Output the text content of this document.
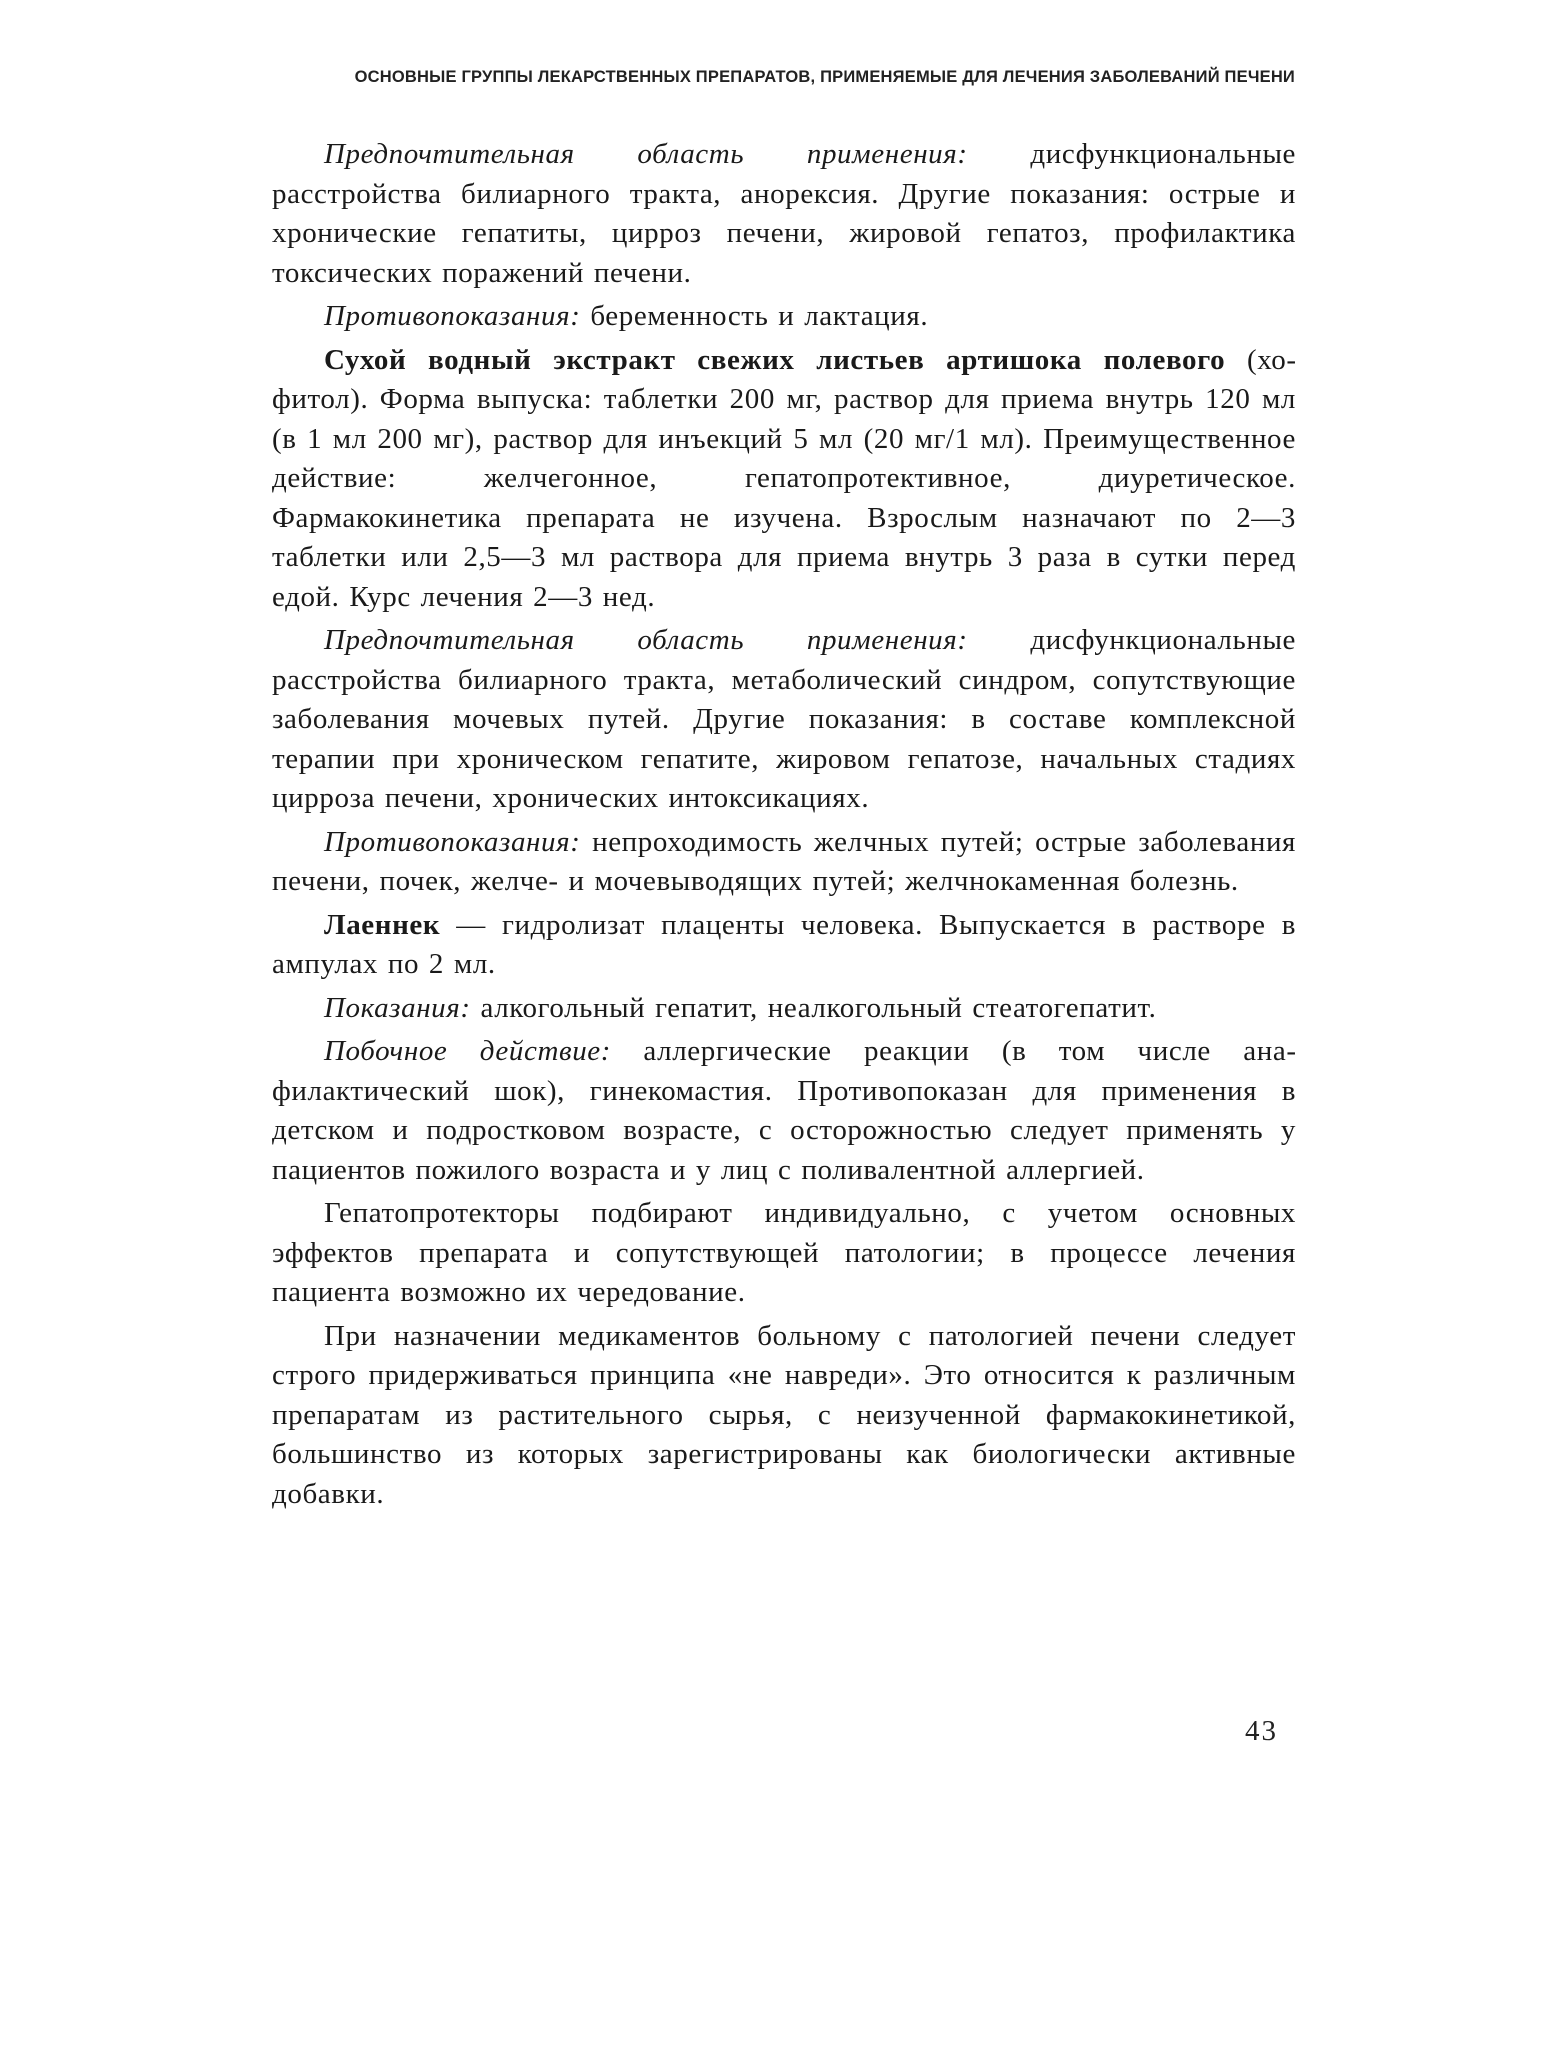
ОСНОВНЫЕ ГРУППЫ ЛЕКАРСТВЕННЫХ ПРЕПАРАТОВ, ПРИМЕНЯЕМЫЕ ДЛЯ ЛЕЧЕНИЯ ЗАБОЛЕВАНИЙ ПЕЧЕНИ

Предпочтительная область применения: дисфункциональные расстройства билиарного тракта, анорексия. Другие показания: острые и хронические гепатиты, цирроз печени, жировой гепатоз, профилактика токсических поражений печени.

Противопоказания: беременность и лактация.

Сухой водный экстракт свежих листьев артишока полевого (хофитол). Форма выпуска: таблетки 200 мг, раствор для приема внутрь 120 мл (в 1 мл 200 мг), раствор для инъекций 5 мл (20 мг/1 мл). Преимущественное действие: желчегонное, гепатопротективное, диуретическое. Фармакокинетика препарата не изучена. Взрослым назначают по 2—3 таблетки или 2,5—3 мл раствора для приема внутрь 3 раза в сутки перед едой. Курс лечения 2—3 нед.

Предпочтительная область применения: дисфункциональные расстройства билиарного тракта, метаболический синдром, сопутствующие заболевания мочевых путей. Другие показания: в составе комплексной терапии при хроническом гепатите, жировом гепатозе, начальных стадиях цирроза печени, хронических интоксикациях.

Противопоказания: непроходимость желчных путей; острые заболевания печени, почек, желче- и мочевыводящих путей; желчнокаменная болезнь.

Лаеннек — гидролизат плаценты человека. Выпускается в растворе в ампулах по 2 мл.

Показания: алкогольный гепатит, неалкогольный стеатогепатит.

Побочное действие: аллергические реакции (в том числе анафилактический шок), гинекомастия. Противопоказан для применения в детском и подростковом возрасте, с осторожностью следует применять у пациентов пожилого возраста и у лиц с поливалентной аллергией.

Гепатопротекторы подбирают индивидуально, с учетом основных эффектов препарата и сопутствующей патологии; в процессе лечения пациента возможно их чередование.

При назначении медикаментов больному с патологией печени следует строго придерживаться принципа «не навреди». Это относится к различным препаратам из растительного сырья, с неизученной фармакокинетикой, большинство из которых зарегистрированы как биологически активные добавки.

43
